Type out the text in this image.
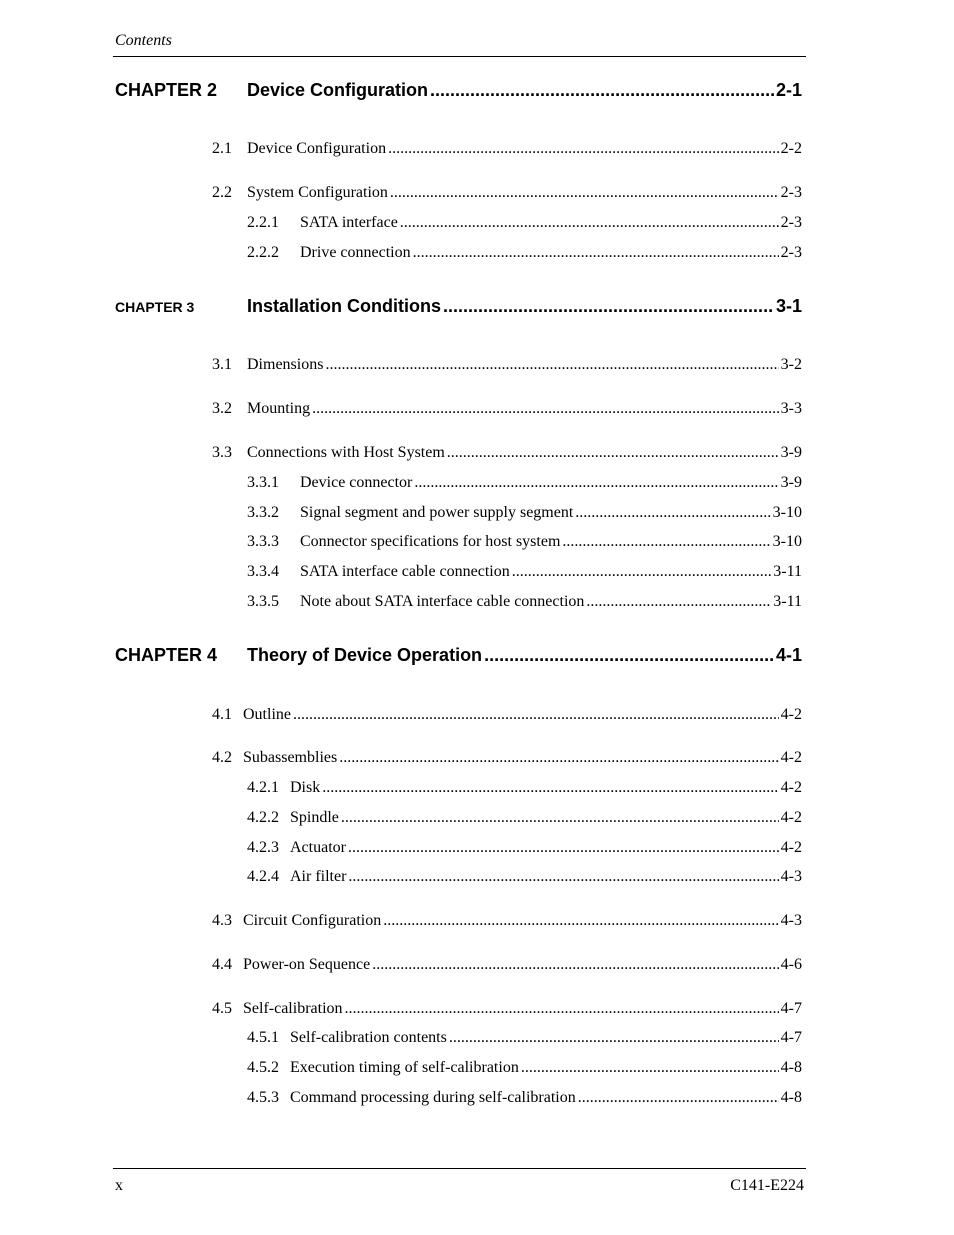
Contents
CHAPTER 2	Device Configuration .....	2-1
2.1 Device Configuration .....	2-2
2.2 System Configuration .....	2-3
2.2.1	SATA interface .....	2-3
2.2.2	Drive connection .....	2-3
CHAPTER 3	Installation Conditions .....	3-1
3.1 Dimensions .....	3-2
3.2 Mounting .....	3-3
3.3 Connections with Host System .....	3-9
3.3.1	Device connector .....	3-9
3.3.2	Signal segment and power supply segment .....	3-10
3.3.3	Connector specifications for host system .....	3-10
3.3.4	SATA interface cable connection .....	3-11
3.3.5	Note about SATA interface cable connection .....	3-11
CHAPTER 4	Theory of Device Operation .....	4-1
4.1 Outline .....	4-2
4.2 Subassemblies .....	4-2
4.2.1 Disk .....	4-2
4.2.2 Spindle .....	4-2
4.2.3 Actuator .....	4-2
4.2.4 Air filter .....	4-3
4.3 Circuit Configuration .....	4-3
4.4 Power-on Sequence .....	4-6
4.5 Self-calibration .....	4-7
4.5.1 Self-calibration contents .....	4-7
4.5.2 Execution timing of self-calibration .....	4-8
4.5.3 Command processing during self-calibration .....	4-8
x	C141-E224
